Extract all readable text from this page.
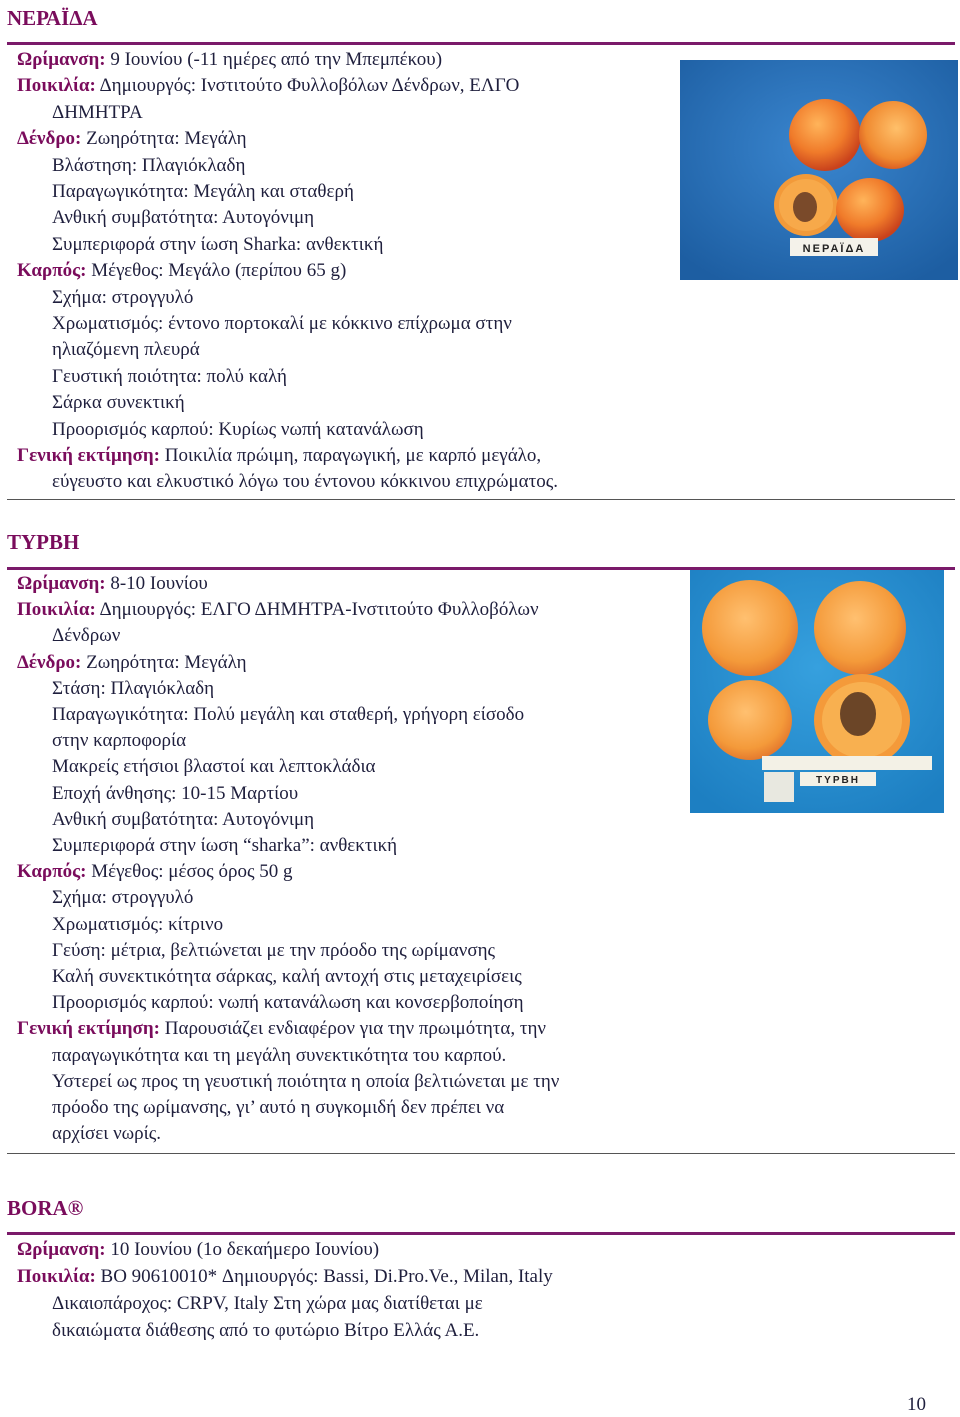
ΝΕΡΑΪΔΑ
Ωρίμανση: 9 Ιουνίου (-11 ημέρες από την Μπεμπέκου)
Ποικιλία: Δημιουργός: Ινστιτούτο Φυλλοβόλων Δένδρων, ΕΛΓΟ
ΔΗΜΗΤΡΑ
Δένδρο: Ζωηρότητα: Μεγάλη
Βλάστηση: Πλαγιόκλαδη
Παραγωγικότητα: Μεγάλη και σταθερή
Ανθική συμβατότητα: Αυτογόνιμη
Συμπεριφορά στην ίωση Sharka: ανθεκτική
Καρπός: Μέγεθος: Μεγάλο (περίπου 65 g)
Σχήμα: στρογγυλό
Χρωματισμός: έντονο πορτοκαλί με κόκκινο επίχρωμα στην
ηλιαζόμενη πλευρά
Γευστική ποιότητα: πολύ καλή
Σάρκα συνεκτική
Προορισμός καρπού: Κυρίως νωπή κατανάλωση
Γενική εκτίμηση: Ποικιλία πρώιμη, παραγωγική, με καρπό μεγάλο,
εύγευστο και ελκυστικό λόγω του έντονου κόκκινου επιχρώματος.
ΝΕΡΑΪΔΑ
ΤΥΡΒΗ
Ωρίμανση: 8-10 Ιουνίου
Ποικιλία: Δημιουργός: ΕΛΓΟ ΔΗΜΗΤΡΑ-Ινστιτούτο Φυλλοβόλων
Δένδρων
Δένδρο: Ζωηρότητα: Μεγάλη
Στάση: Πλαγιόκλαδη
Παραγωγικότητα: Πολύ μεγάλη και σταθερή, γρήγορη είσοδο
στην καρποφορία
Μακρείς ετήσιοι βλαστοί και λεπτοκλάδια
Εποχή άνθησης: 10-15 Μαρτίου
Ανθική συμβατότητα: Αυτογόνιμη
Συμπεριφορά στην ίωση “sharka”: ανθεκτική
Καρπός: Μέγεθος: μέσος όρος 50 g
Σχήμα: στρογγυλό
Χρωματισμός: κίτρινο
Γεύση: μέτρια, βελτιώνεται με την πρόοδο της ωρίμανσης
Καλή συνεκτικότητα σάρκας, καλή αντοχή στις μεταχειρίσεις
Προορισμός καρπού: νωπή κατανάλωση και κονσερβοποίηση
Γενική εκτίμηση: Παρουσιάζει ενδιαφέρον για την πρωιμότητα, την
παραγωγικότητα και τη μεγάλη συνεκτικότητα του καρπού.
Υστερεί ως προς τη γευστική ποιότητα η οποία βελτιώνεται με την
πρόοδο της ωρίμανσης, γι’ αυτό η συγκομιδή δεν πρέπει να
αρχίσει νωρίς.
ΤΥΡΒΗ
BORA®
Ωρίμανση: 10 Ιουνίου (1ο δεκαήμερο Ιουνίου)
Ποικιλία: BO 90610010* Δημιουργός: Bassi, Di.Pro.Ve., Milan, Italy
Δικαιοπάροχος: CRPV, Italy Στη χώρα μας διατίθεται με
δικαιώματα διάθεσης από το φυτώριο Βίτρο Ελλάς Α.Ε.
10
